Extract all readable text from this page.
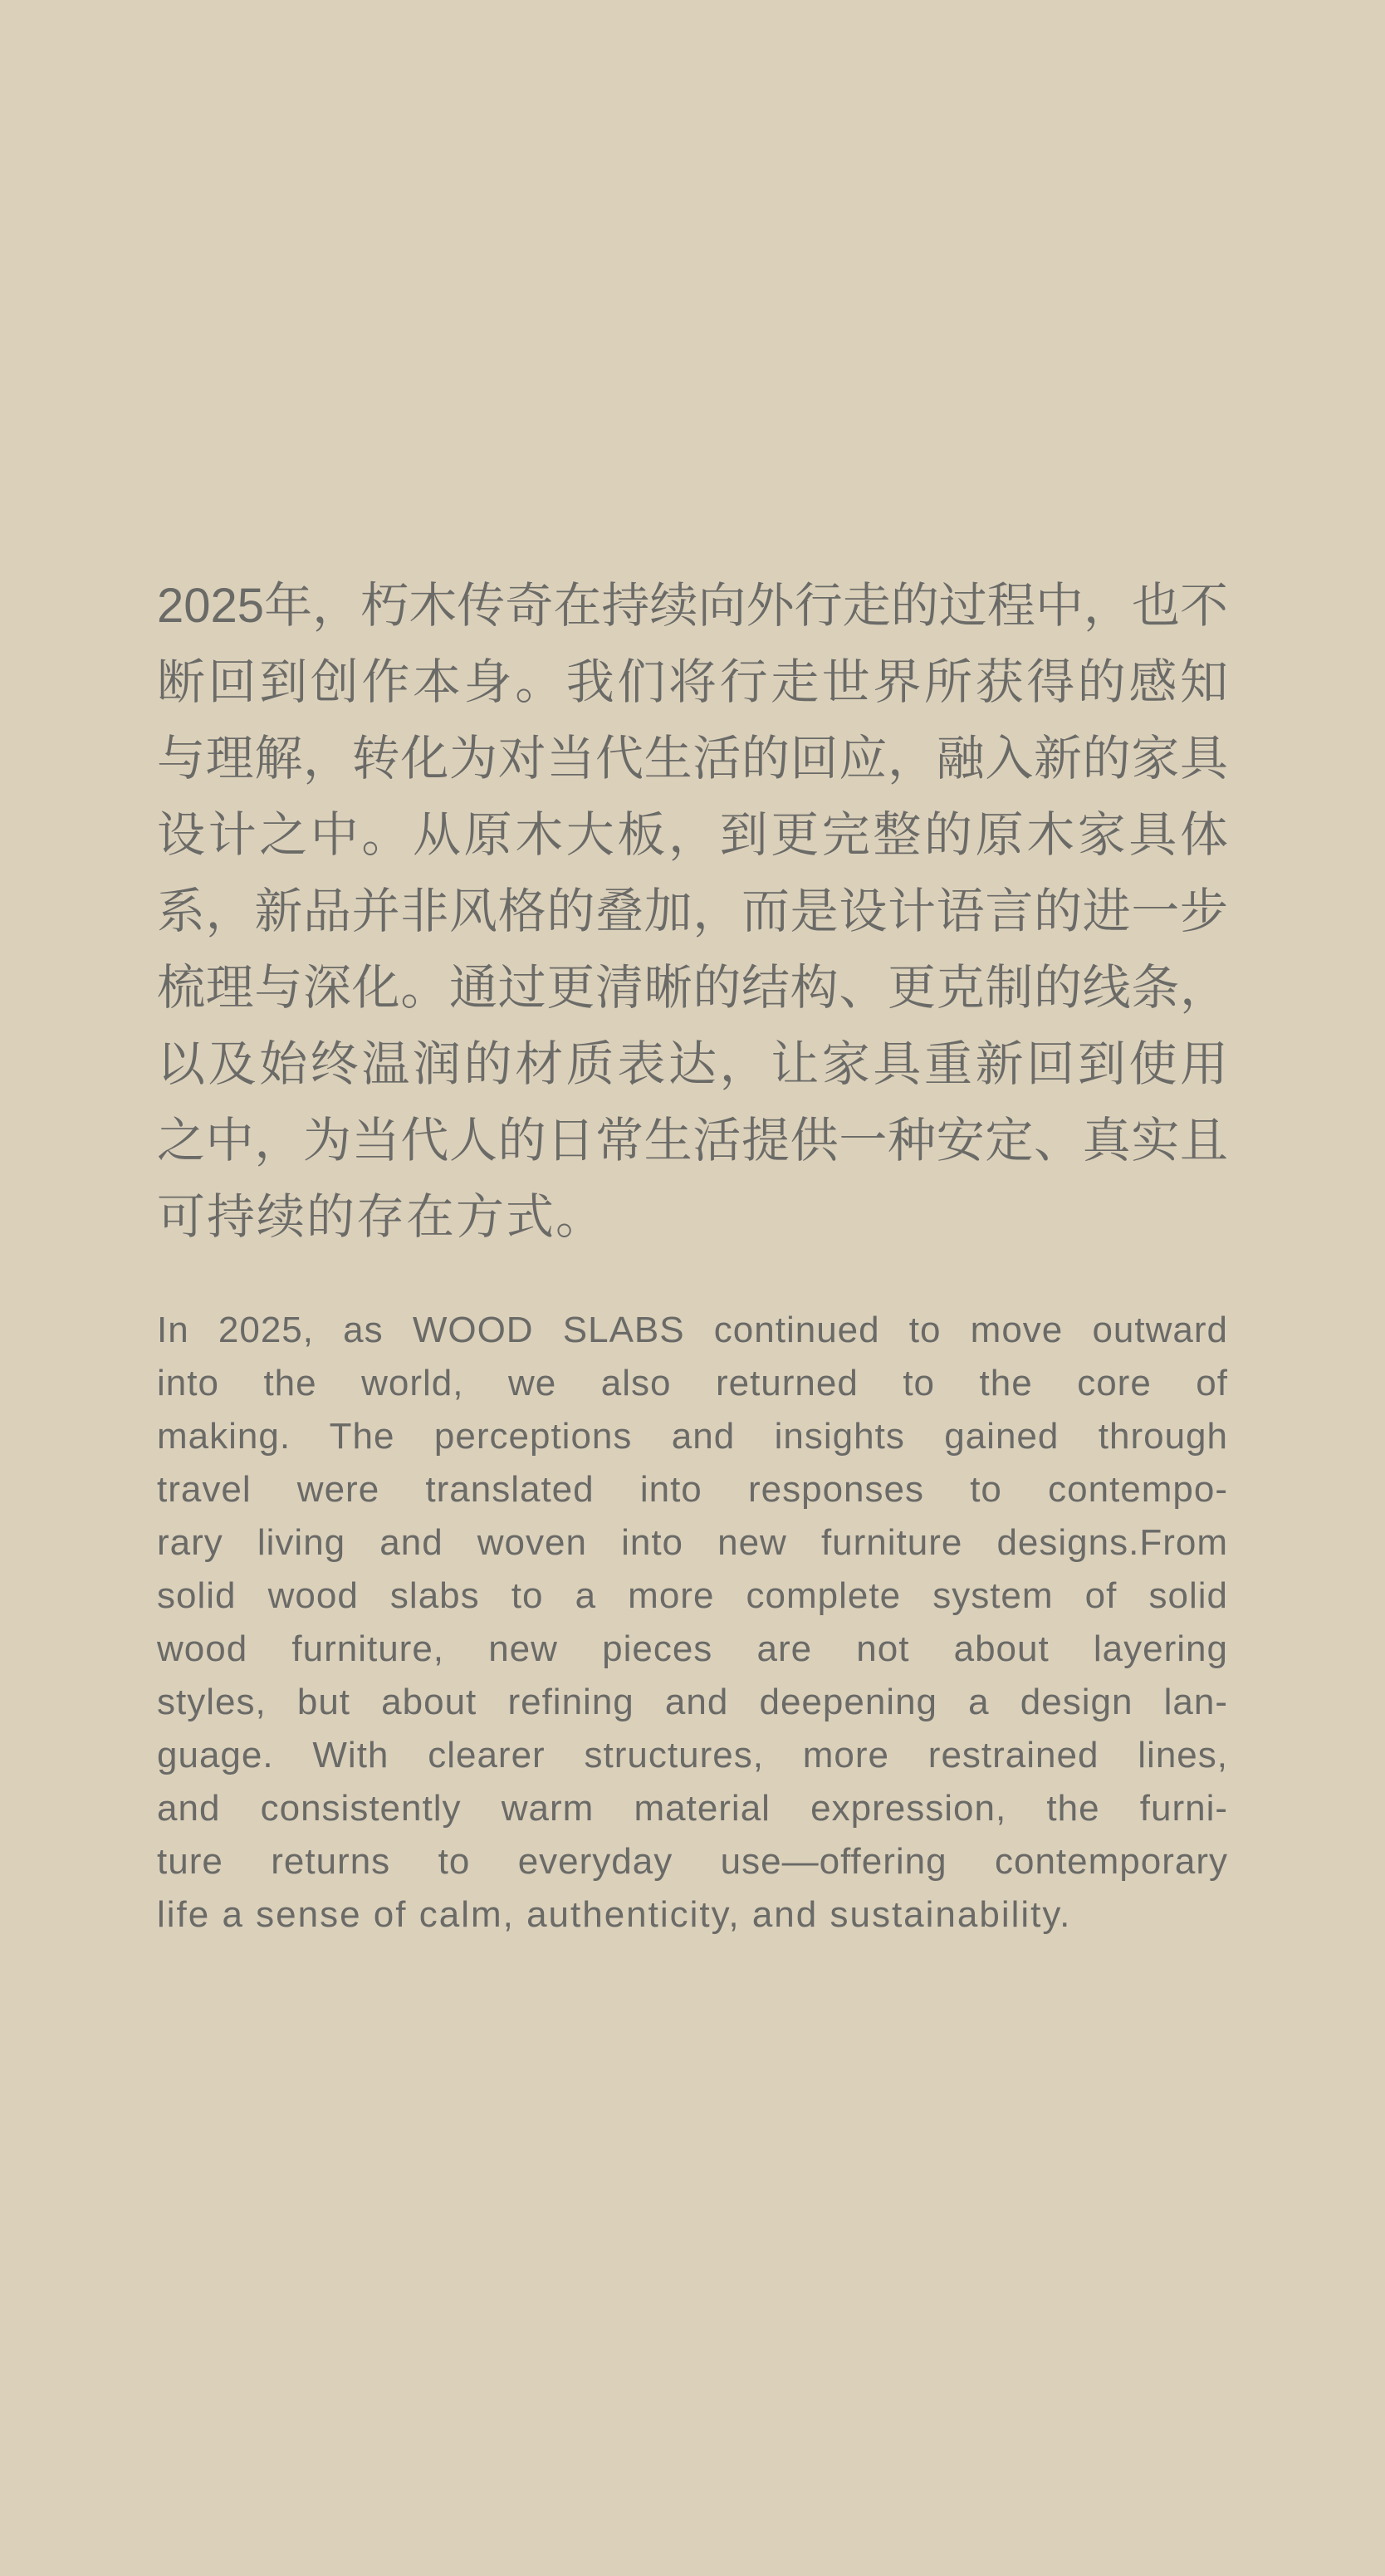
2025年，朽木传奇在持续向外行走的过程中，也不
断回到创作本身。我们将行走世界所获得的感知
与理解，转化为对当代生活的回应，融入新的家具
设计之中。从原木大板，到更完整的原木家具体
系，新品并非风格的叠加，而是设计语言的进一步
梳理与深化。通过更清晰的结构、更克制的线条，
以及始终温润的材质表达，让家具重新回到使用
之中，为当代人的日常生活提供一种安定、真实且
可持续的存在方式。
In 2025, as WOOD SLABS continued to move outward
into the world, we also returned to the core of
making. The perceptions and insights gained through
travel were translated into responses to contempo-
rary living and woven into new furniture designs.From
solid wood slabs to a more complete system of solid
wood furniture, new pieces are not about layering
styles, but about refining and deepening a design lan-
guage. With clearer structures, more restrained lines,
and consistently warm material expression, the furni-
ture returns to everyday use—offering contemporary
life a sense of calm, authenticity, and sustainability.
